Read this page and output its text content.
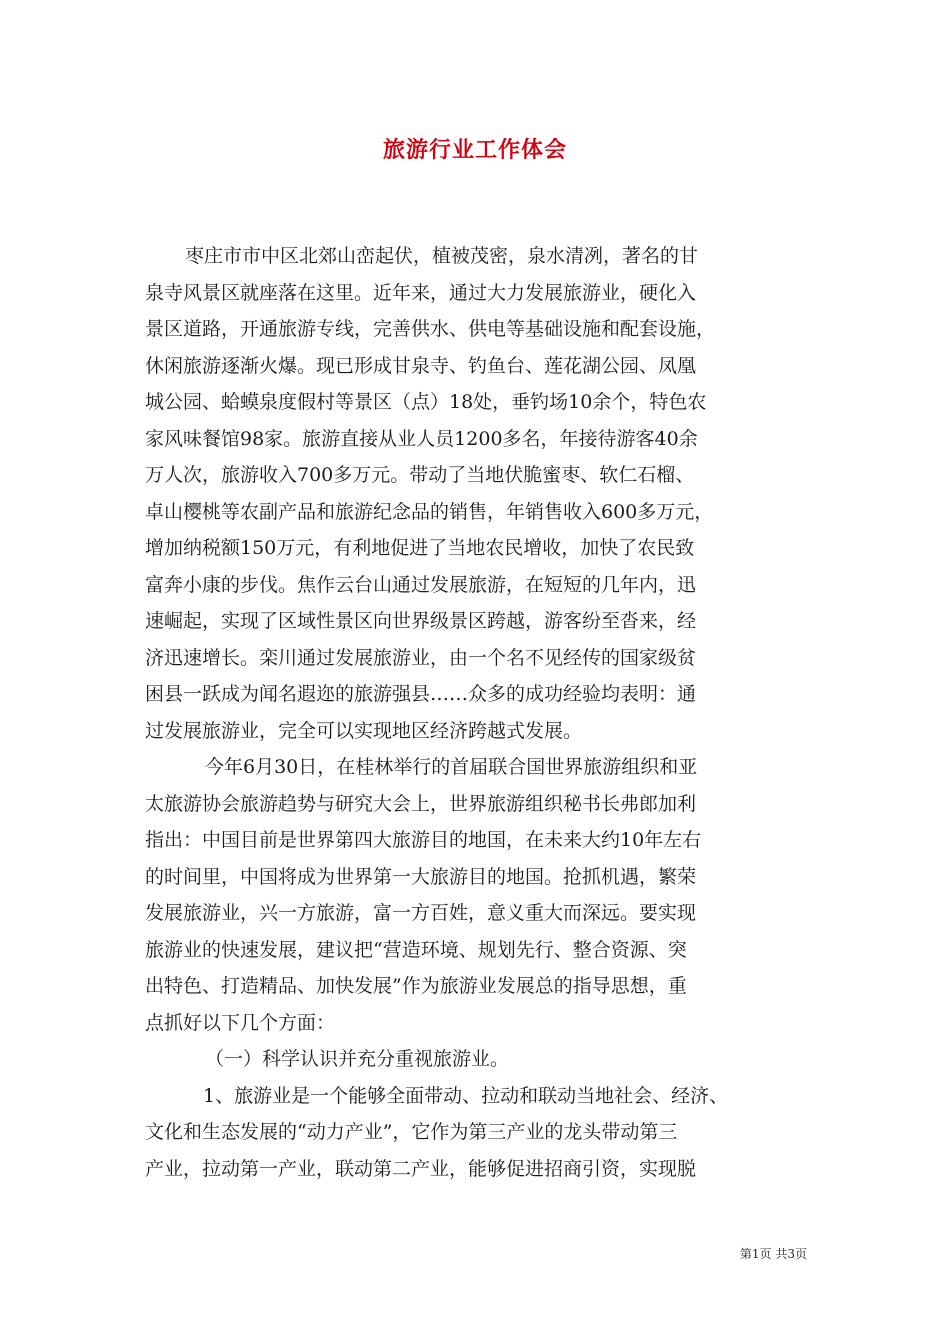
旅游行业工作体会
枣庄市市中区北郊山峦起伏，植被茂密，泉水清冽，著名的甘
泉寺风景区就座落在这里。近年来，通过大力发展旅游业，硬化入
景区道路，开通旅游专线，完善供水、供电等基础设施和配套设施，
休闲旅游逐渐火爆。现已形成甘泉寺、钓鱼台、莲花湖公园、凤凰
城公园、蛤蟆泉度假村等景区（点）18处，垂钓场10余个，特色农
家风味餐馆98家。旅游直接从业人员1200多名，年接待游客40余
万人次，旅游收入700多万元。带动了当地伏脆蜜枣、软仁石榴、
卓山樱桃等农副产品和旅游纪念品的销售，年销售收入600多万元，
增加纳税额150万元，有利地促进了当地农民增收，加快了农民致
富奔小康的步伐。焦作云台山通过发展旅游，在短短的几年内，迅
速崛起，实现了区域性景区向世界级景区跨越，游客纷至沓来，经
济迅速增长。栾川通过发展旅游业，由一个名不见经传的国家级贫
困县一跃成为闻名遐迩的旅游强县……众多的成功经验均表明：通
过发展旅游业，完全可以实现地区经济跨越式发展。
今年6月30日，在桂林举行的首届联合国世界旅游组织和亚
太旅游协会旅游趋势与研究大会上，世界旅游组织秘书长弗郎加利
指出：中国目前是世界第四大旅游目的地国，在未来大约10年左右
的时间里，中国将成为世界第一大旅游目的地国。抢抓机遇，繁荣
发展旅游业，兴一方旅游，富一方百姓，意义重大而深远。要实现
旅游业的快速发展，建议把“营造环境、规划先行、整合资源、突
出特色、打造精品、加快发展”作为旅游业发展总的指导思想，重
点抓好以下几个方面：
（一）科学认识并充分重视旅游业。
1、旅游业是一个能够全面带动、拉动和联动当地社会、经济、
文化和生态发展的“动力产业”，它作为第三产业的龙头带动第三
产业，拉动第一产业，联动第二产业，能够促进招商引资，实现脱
第1页 共3页
